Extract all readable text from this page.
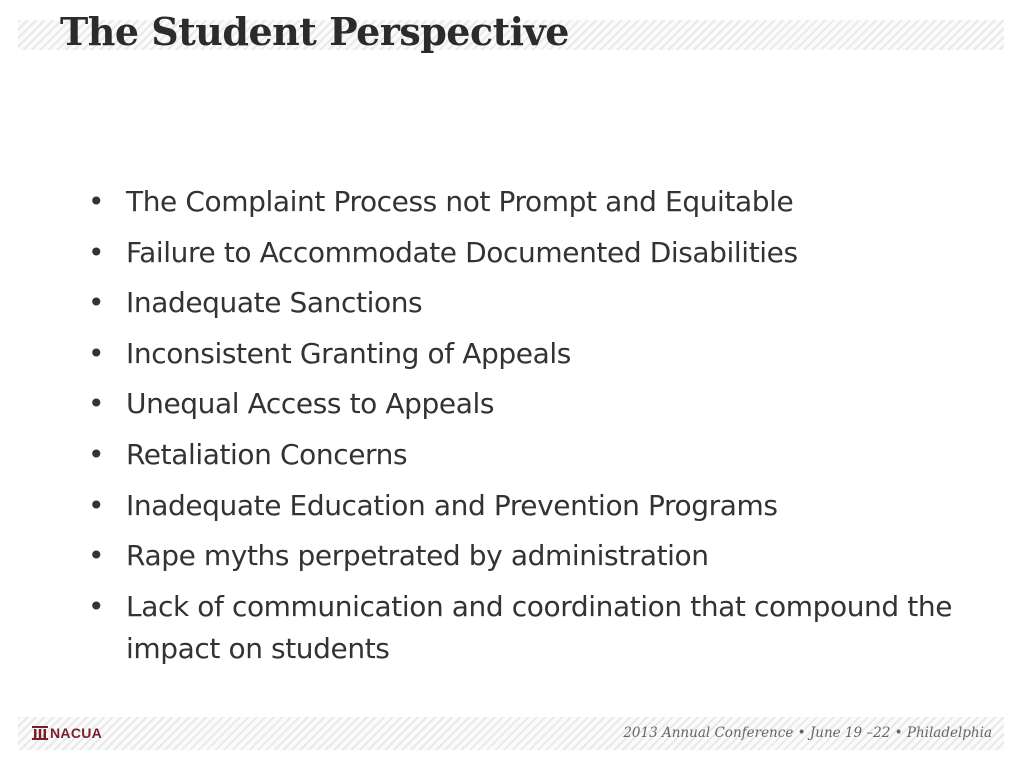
The Student Perspective
• The Complaint Process not Prompt and Equitable
• Failure to Accommodate Documented Disabilities
• Inadequate Sanctions
• Inconsistent Granting of Appeals
• Unequal Access to Appeals
• Retaliation Concerns
• Inadequate Education and Prevention Programs
• Rape myths perpetrated by administration
• Lack of communication and coordination that compound the impact on students
NACUA	2013 Annual Conference • June 19 –22 • Philadelphia
